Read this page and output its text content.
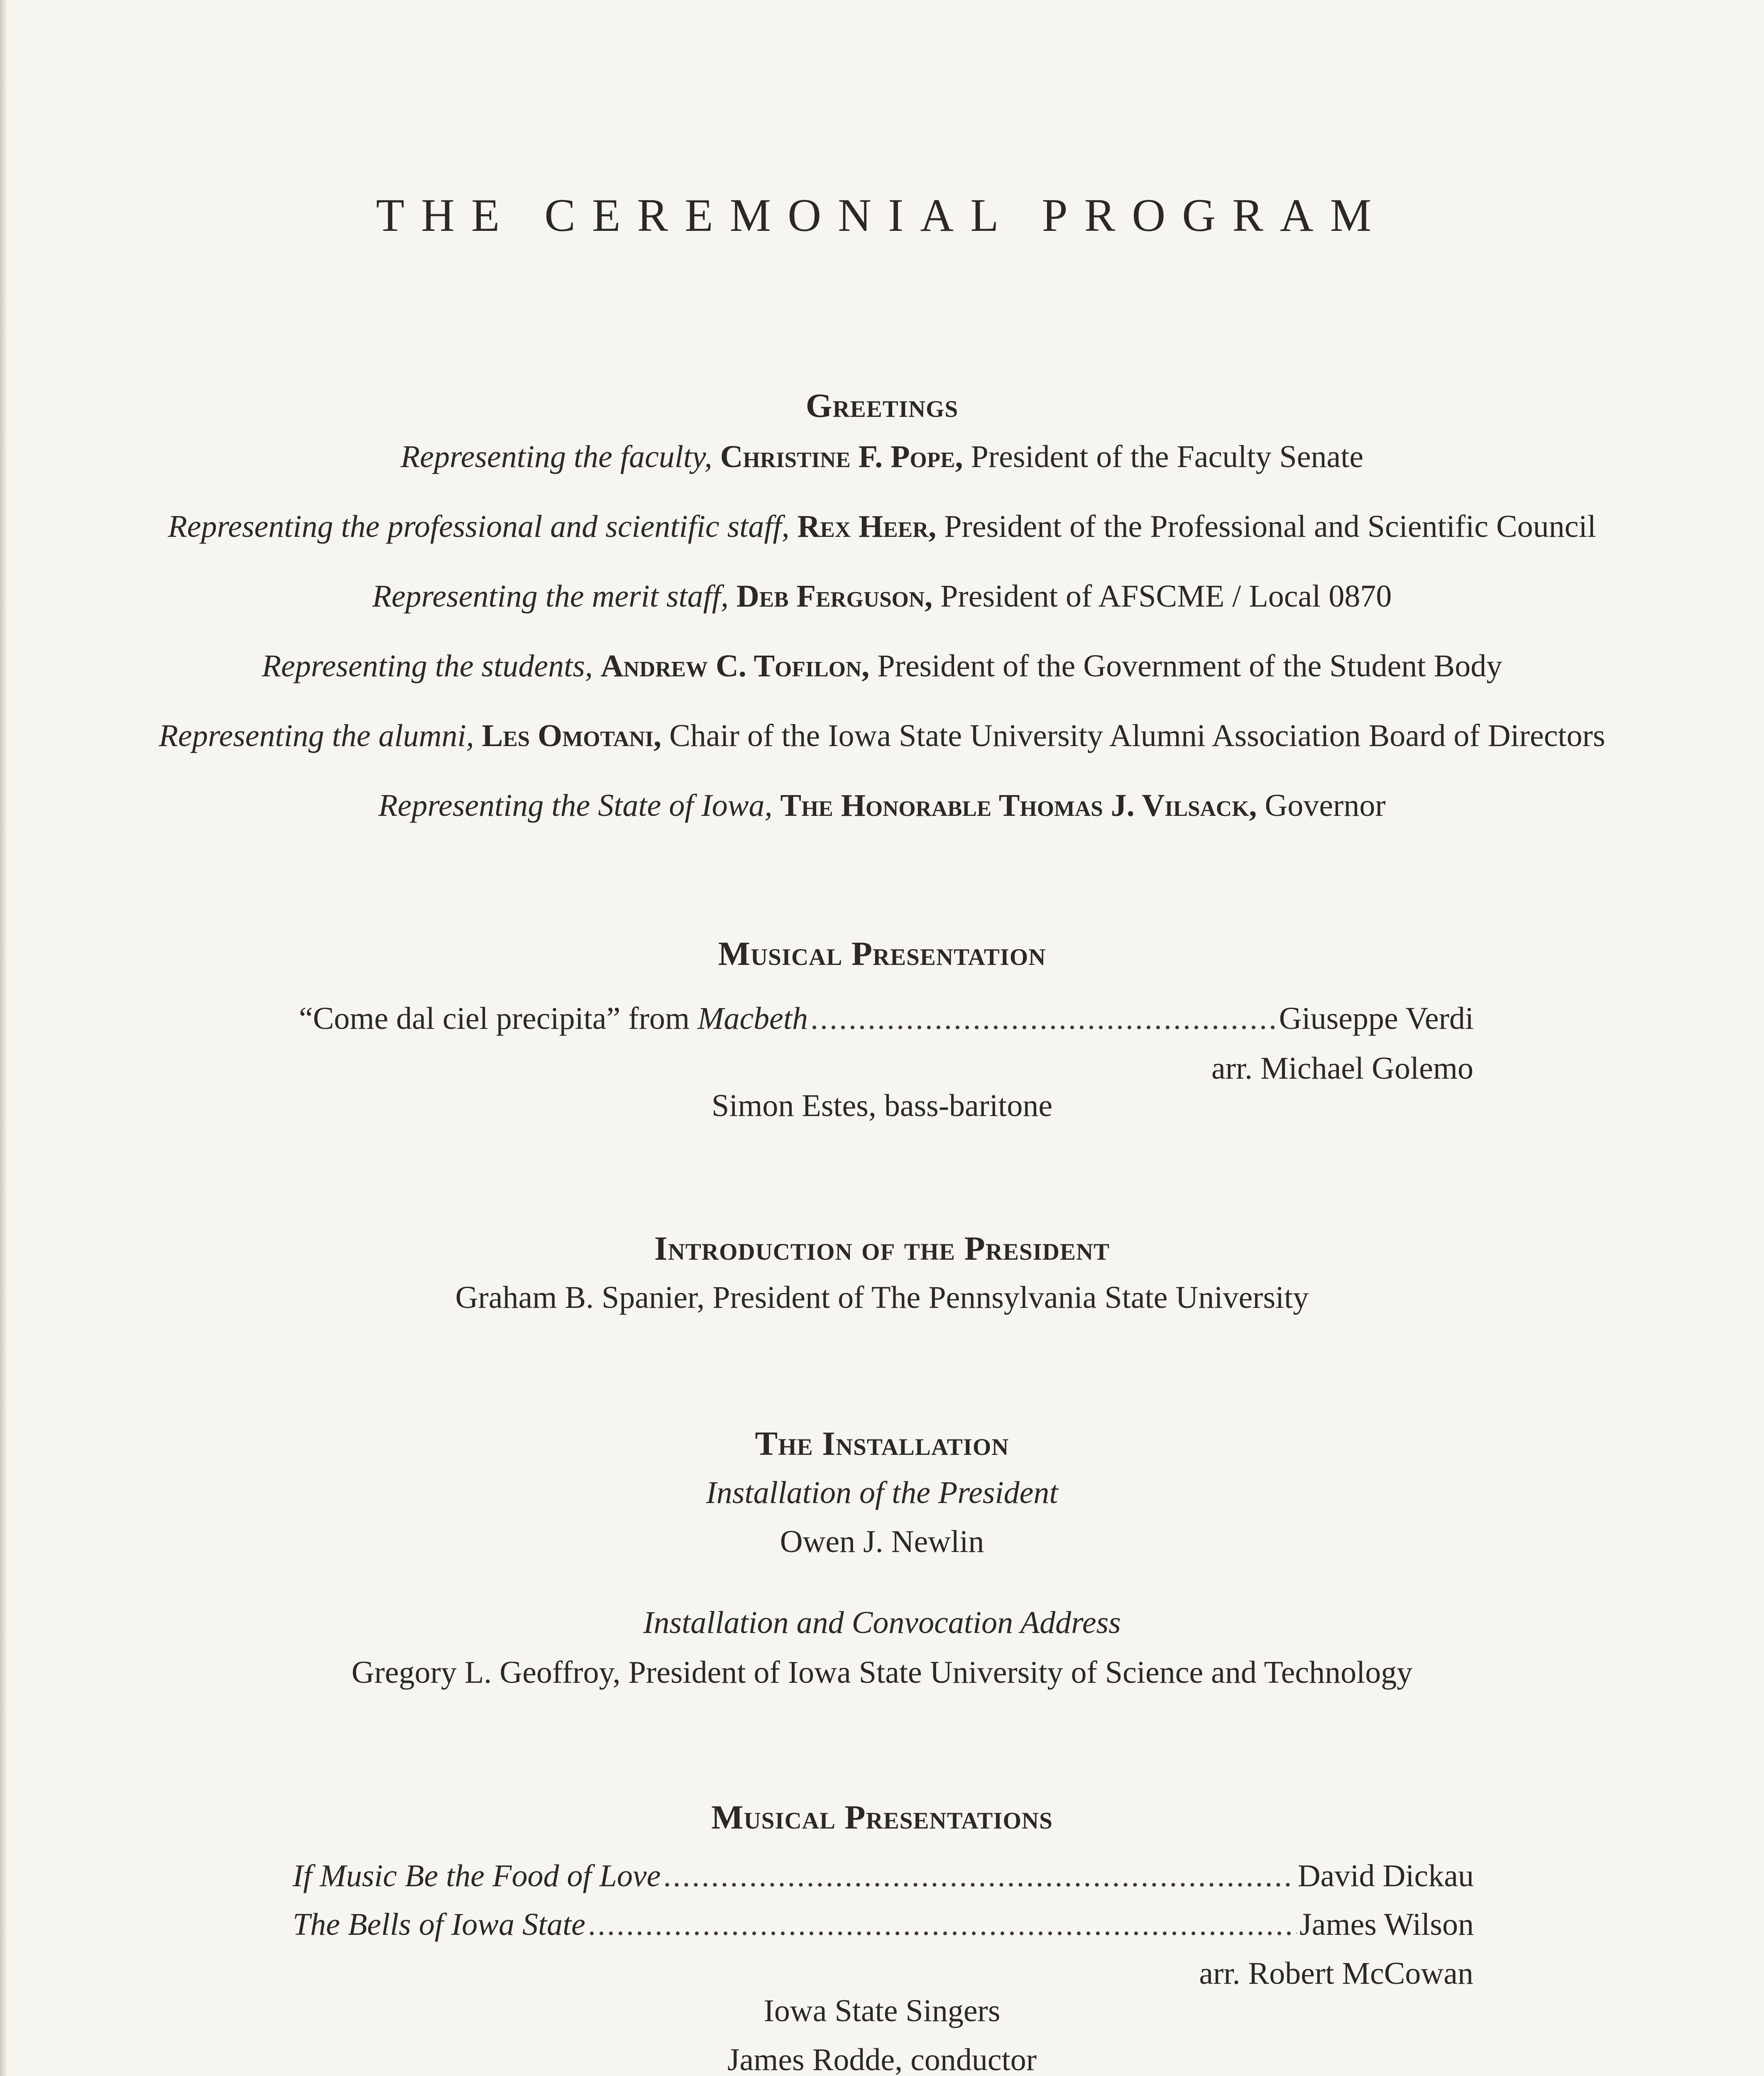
THE CEREMONIAL PROGRAM
Greetings
Representing the faculty, Christine F. Pope, President of the Faculty Senate
Representing the professional and scientific staff, Rex Heer, President of the Professional and Scientific Council
Representing the merit staff, Deb Ferguson, President of AFSCME / Local 0870
Representing the students, Andrew C. Tofilon, President of the Government of the Student Body
Representing the alumni, Les Omotani, Chair of the Iowa State University Alumni Association Board of Directors
Representing the State of Iowa, The Honorable Thomas J. Vilsack, Governor
Musical Presentation
“Come dal ciel precipita” from Macbeth .....	Giuseppe Verdi
arr. Michael Golemo
Simon Estes, bass-baritone
Introduction of the President
Graham B. Spanier, President of The Pennsylvania State University
The Installation
Installation of the President
Owen J. Newlin
Installation and Convocation Address
Gregory L. Geoffroy, President of Iowa State University of Science and Technology
Musical Presentations
If Music Be the Food of Love .....	David Dickau
The Bells of Iowa State .....	James Wilson
arr. Robert McCowan
Iowa State Singers
James Rodde, conductor
